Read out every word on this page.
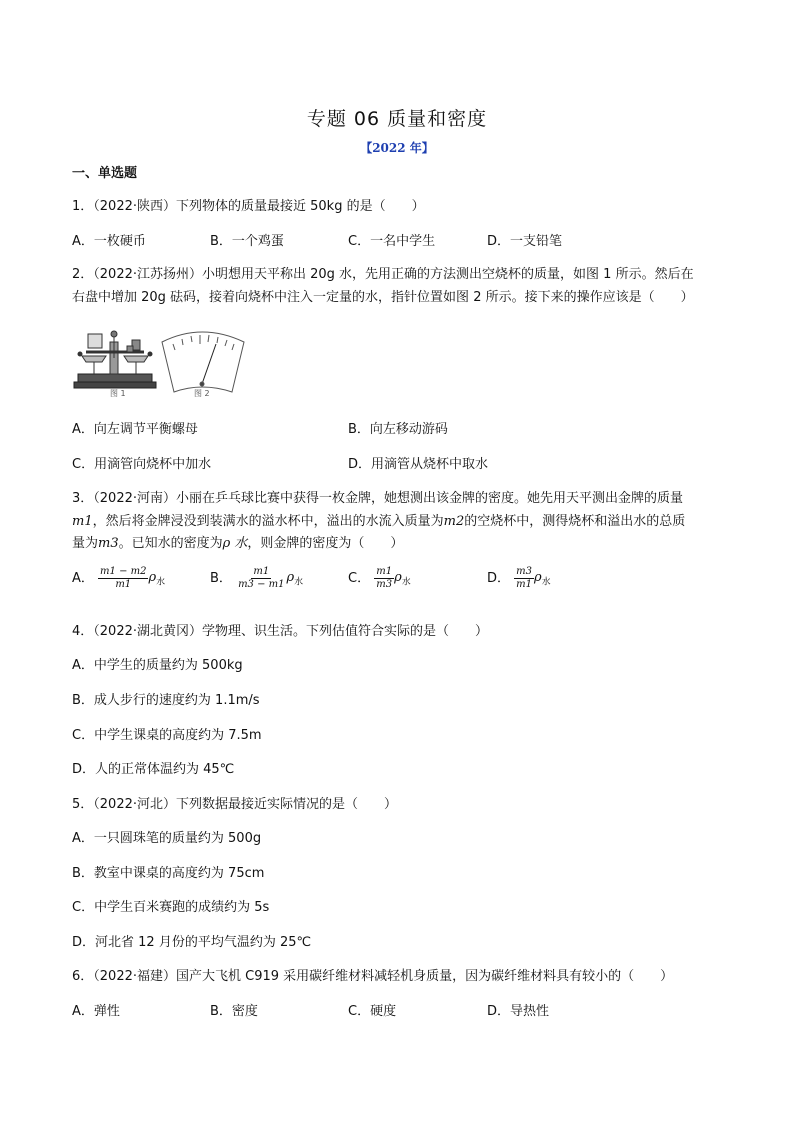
专题 06 质量和密度
【2022 年】
一、单选题
1．（2022·陕西）下列物体的质量最接近 50kg 的是（　　）
A．一枚硬币	B．一个鸡蛋	C．一名中学生	D．一支铅笔
2．（2022·江苏扬州）小明想用天平称出 20g 水，先用正确的方法测出空烧杯的质量，如图 1 所示。然后在
右盘中增加 20g 砝码，接着向烧杯中注入一定量的水，指针位置如图 2 所示。接下来的操作应该是（　　）
图 1	图 2
A．向左调节平衡螺母	B．向左移动游码
C．用滴管向烧杯中加水	D．用滴管从烧杯中取水
3．（2022·河南）小丽在乒乓球比赛中获得一枚金牌，她想测出该金牌的密度。她先用天平测出金牌的质量
m1，然后将金牌浸没到装满水的溢水杯中，溢出的水流入质量为m2的空烧杯中，测得烧杯和溢出水的总质
量为m3。已知水的密度为ρ 水，则金牌的密度为（　　）
A． $\frac{m1 - m2}{m1} \rho_水$	B． $\frac{m1}{m3 - m1} \rho_水$	C． $\frac{m1}{m3} \rho_水$	D． $\frac{m3}{m1} \rho_水$
4．（2022·湖北黄冈）学物理、识生活。下列估值符合实际的是（　　）
A．中学生的质量约为 500kg
B．成人步行的速度约为 1.1m/s
C．中学生课桌的高度约为 7.5m
D．人的正常体温约为 45℃
5．（2022·河北）下列数据最接近实际情况的是（　　）
A．一只圆珠笔的质量约为 500g
B．教室中课桌的高度约为 75cm
C．中学生百米赛跑的成绩约为 5s
D．河北省 12 月份的平均气温约为 25℃
6．（2022·福建）国产大飞机 C919 采用碳纤维材料减轻机身质量，因为碳纤维材料具有较小的（　　）
A．弹性	B．密度	C．硬度	D．导热性
